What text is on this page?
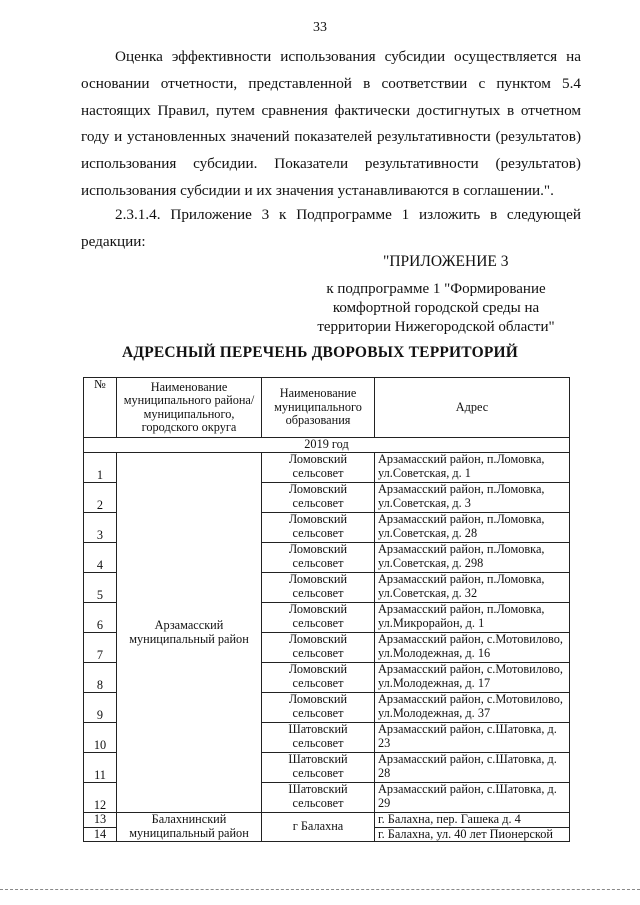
33
Оценка эффективности использования субсидии осуществляется на основании отчетности, представленной в соответствии с пунктом 5.4 настоящих Правил, путем сравнения фактически достигнутых в отчетном году и установленных значений показателей результативности (результатов) использования субсидии. Показатели результативности (результатов) использования субсидии и их значения устанавливаются в соглашении.".
2.3.1.4. Приложение 3 к Подпрограмме 1 изложить в следующей редакции:
"ПРИЛОЖЕНИЕ 3
к подпрограмме 1 "Формирование комфортной городской среды на территории Нижегородской области"
АДРЕСНЫЙ ПЕРЕЧЕНЬ ДВОРОВЫХ ТЕРРИТОРИЙ
№	Наименование муниципального района/ муниципального, городского округа	Наименование муниципального образования	Адрес
2019 год			
1	Арзамасский муниципальный район	Ломовский сельсовет	Арзамасский район, п.Ломовка, ул.Советская, д. 1
2		Ломовский сельсовет	Арзамасский район, п.Ломовка, ул.Советская, д. 3
3		Ломовский сельсовет	Арзамасский район, п.Ломовка, ул.Советская, д. 28
4		Ломовский сельсовет	Арзамасский район, п.Ломовка, ул.Советская, д. 298
5		Ломовский сельсовет	Арзамасский район, п.Ломовка, ул.Советская, д. 32
6		Ломовский сельсовет	Арзамасский район, п.Ломовка, ул.Микрорайон, д. 1
7		Ломовский сельсовет	Арзамасский район, с.Мотовилово, ул.Молодежная, д. 16
8		Ломовский сельсовет	Арзамасский район, с.Мотовилово, ул.Молодежная, д. 17
9		Ломовский сельсовет	Арзамасский район, с.Мотовилово, ул.Молодежная, д. 37
10		Шатовский сельсовет	Арзамасский район, с.Шатовка, д. 23
11		Шатовский сельсовет	Арзамасский район, с.Шатовка, д. 28
12		Шатовский сельсовет	Арзамасский район, с.Шатовка, д. 29
13	Балахнинский муниципальный район	г Балахна	г. Балахна, пер. Гашека д. 4
14			г. Балахна, ул. 40 лет Пионерской
